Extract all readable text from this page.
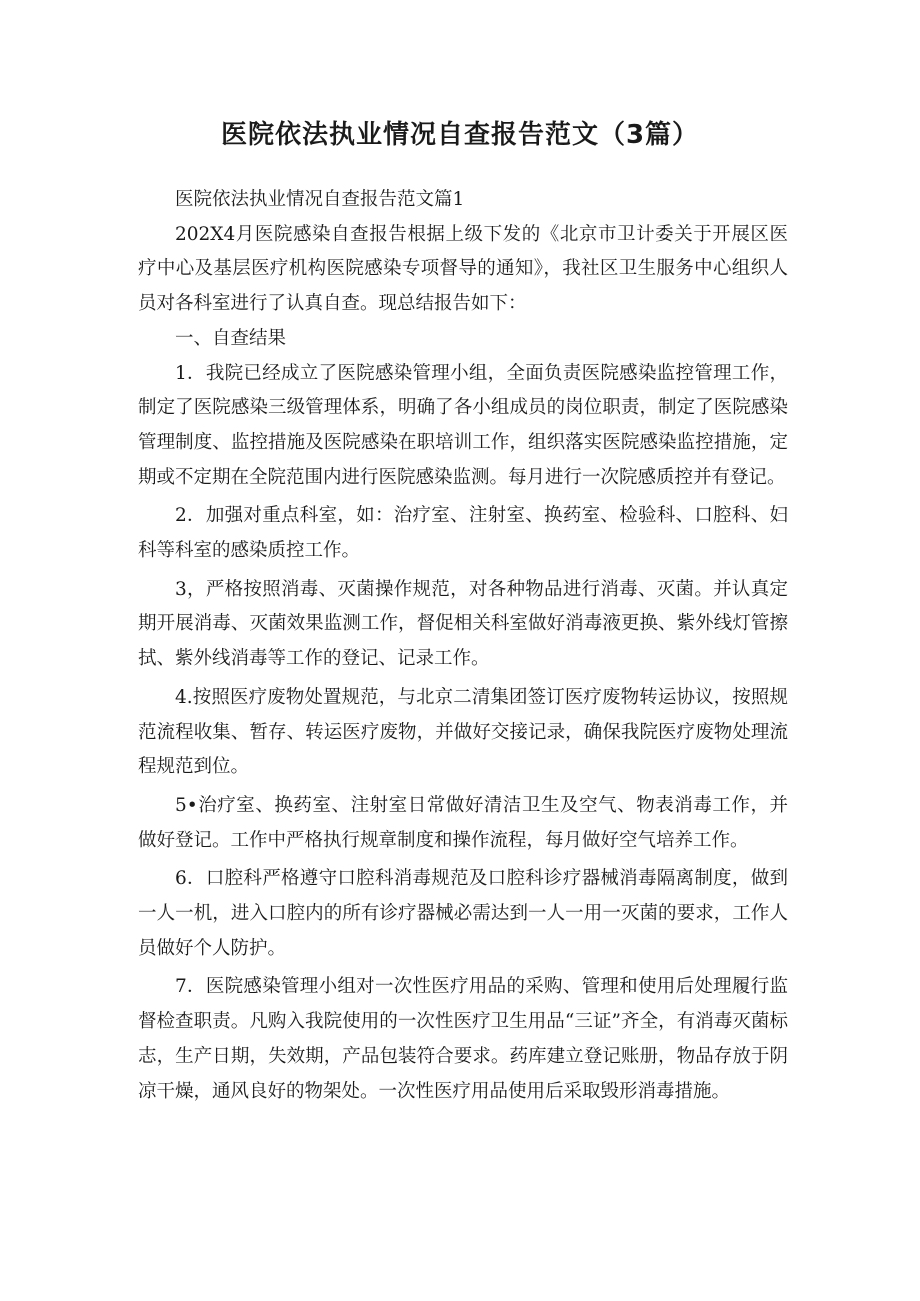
医院依法执业情况自查报告范文（3篇）

医院依法执业情况自查报告范文篇1

202X4月医院感染自查报告根据上级下发的《北京市卫计委关于开展区医疗中心及基层医疗机构医院感染专项督导的通知》，我社区卫生服务中心组织人员对各科室进行了认真自查。现总结报告如下：

一、自查结果

1．我院已经成立了医院感染管理小组，全面负责医院感染监控管理工作，制定了医院感染三级管理体系，明确了各小组成员的岗位职责，制定了医院感染管理制度、监控措施及医院感染在职培训工作，组织落实医院感染监控措施，定期或不定期在全院范围内进行医院感染监测。每月进行一次院感质控并有登记。

2．加强对重点科室，如：治疗室、注射室、换药室、检验科、口腔科、妇科等科室的感染质控工作。

3，严格按照消毒、灭菌操作规范，对各种物品进行消毒、灭菌。并认真定期开展消毒、灭菌效果监测工作，督促相关科室做好消毒液更换、紫外线灯管擦拭、紫外线消毒等工作的登记、记录工作。

4.按照医疗废物处置规范，与北京二清集团签订医疗废物转运协议，按照规范流程收集、暂存、转运医疗废物，并做好交接记录，确保我院医疗废物处理流程规范到位。

5•治疗室、换药室、注射室日常做好清洁卫生及空气、物表消毒工作，并做好登记。工作中严格执行规章制度和操作流程，每月做好空气培养工作。

6．口腔科严格遵守口腔科消毒规范及口腔科诊疗器械消毒隔离制度，做到一人一机，进入口腔内的所有诊疗器械必需达到一人一用一灭菌的要求，工作人员做好个人防护。

7．医院感染管理小组对一次性医疗用品的采购、管理和使用后处理履行监督检查职责。凡购入我院使用的一次性医疗卫生用品“三证”齐全，有消毒灭菌标志，生产日期，失效期，产品包装符合要求。药库建立登记账册，物品存放于阴凉干燥，通风良好的物架处。一次性医疗用品使用后采取毁形消毒措施。
